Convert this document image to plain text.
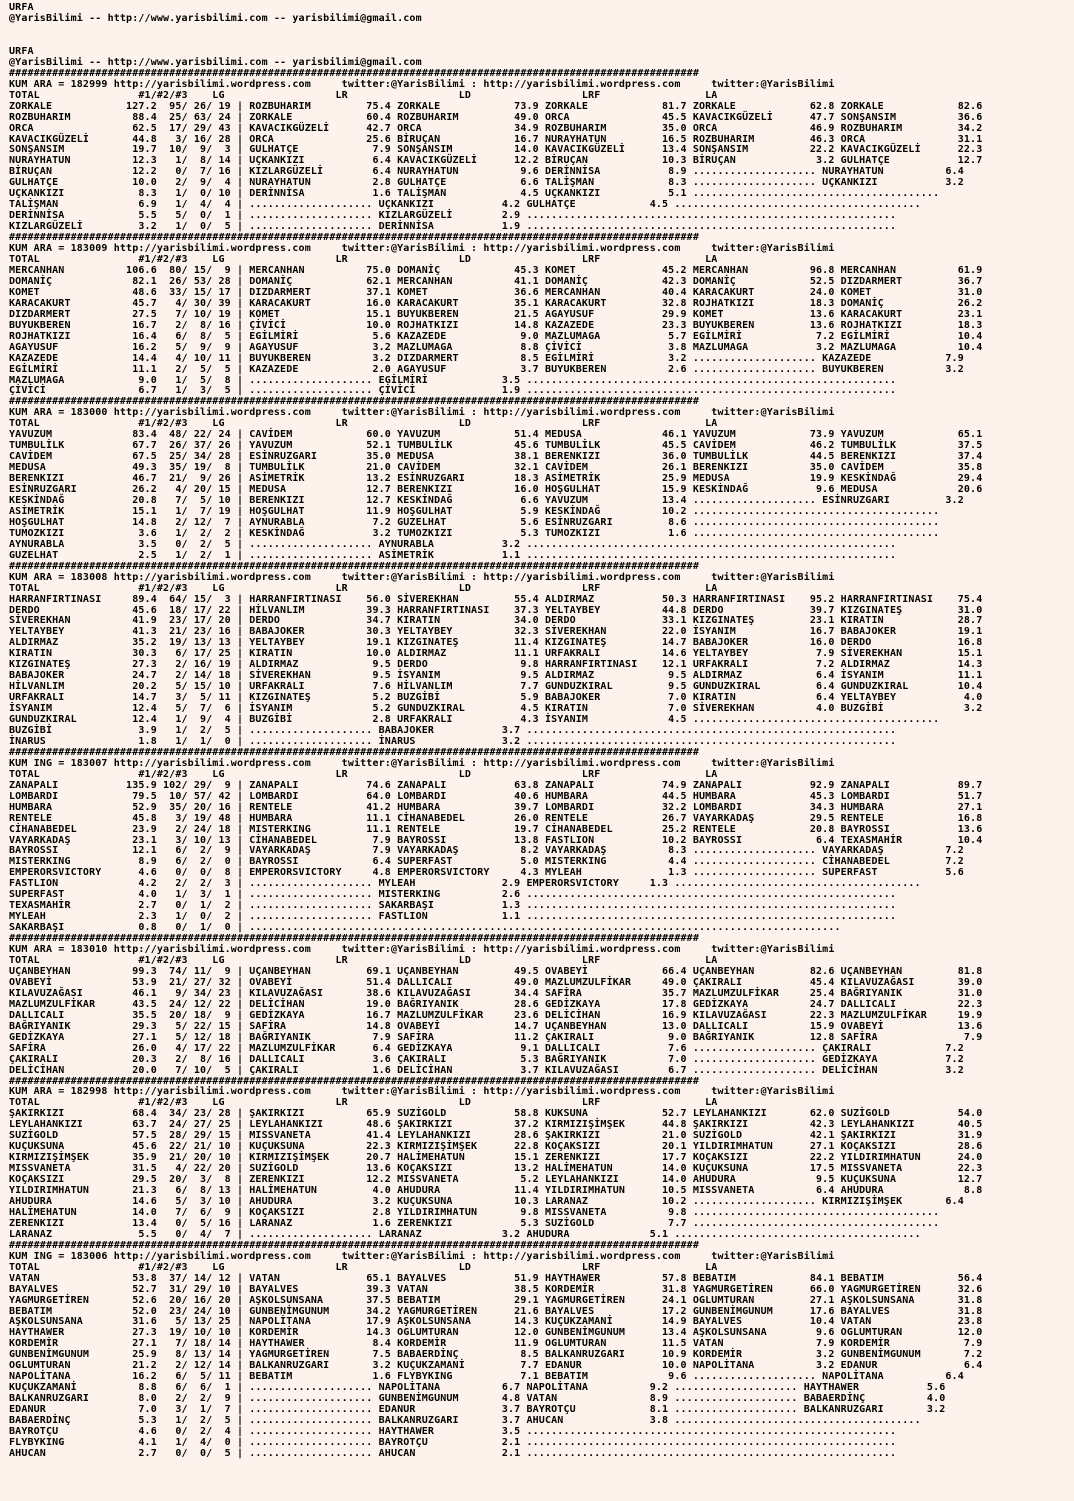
URFA
@YarisBilimi -- http://www.yarisbilimi.com -- yarisbilimi@gmail.com
URFA
@YarisBilimi -- http://www.yarisbilimi.com -- yarisbilimi@gmail.com
################################################################################################################
KUM ARA = 182999 http://yarisbilimi.wordpress.com     twitter:@YarisBilimi : http://yarisbilimi.wordpress.com     twitter:@YarisBilimi
TOTAL                #1/#2/#3    LG                  LR                  LD                  LRF                 LA
ZORKALE            127.2  95/ 26/ 19 | ROZBUHARIM         75.4 ZORKALE            73.9 ZORKALE            81.7 ZORKALE            62.8 ZORKALE            82.6
ROZBUHARIM          88.4  25/ 63/ 24 | ZORKALE            60.4 ROZBUHARIM         49.0 ORCA               45.5 KAVACIKGÜZELİ      47.7 SONŞANSIM          36.6
ORCA                62.5  17/ 29/ 43 | KAVACIKGÜZELİ      42.7 ORCA               34.9 ROZBUHARIM         35.0 ORCA               46.9 ROZBUHARIM         34.2
KAVACIKGÜZELİ       44.8   3/ 16/ 28 | ORCA               25.6 BİRUÇAN            16.7 NURAYHATUN         16.5 ROZBUHARIM         46.3 ORCA               31.1
SONŞANSIM           19.7  10/  9/  3 | GULHATÇE            7.9 SONŞANSIM          14.0 KAVACIKGÜZELİ      13.4 SONŞANSIM          22.2 KAVACIKGÜZELİ      22.3
NURAYHATUN          12.3   1/  8/ 14 | UÇKANKIZI           6.4 KAVACIKGÜZELİ      12.2 BİRUÇAN            10.3 BİRUÇAN             3.2 GULHATÇE           12.7
BİRUÇAN             12.2   0/  7/ 16 | KIZLARGÜZELİ        6.4 NURAYHATUN          9.6 DERİNNİSA           8.9 .................... NURAYHATUN          6.4
GULHATÇE            10.0   2/  9/  4 | NURAYHATUN          2.8 GULHATÇE            6.6 TALİŞMAN            8.3 .................... UÇKANKIZI           3.2
UÇKANKIZI            8.3   1/  0/ 10 | DERİNNİSA           1.6 TALİŞMAN            4.5 UÇKANKIZI           5.1 ........................................
TALİŞMAN             6.9   1/  4/  4 | .................... UÇKANKIZI           4.2 GULHATÇE            4.5 ........................................
DERİNNİSA            5.5   5/  0/  1 | .................... KIZLARGÜZELİ        2.9 ............................................................
KIZLARGÜZELİ         3.2   1/  0/  5 | .................... DERİNNİSA           1.9 ............................................................
################################################################################################################
KUM ARA = 183009 http://yarisbilimi.wordpress.com     twitter:@YarisBilimi : http://yarisbilimi.wordpress.com     twitter:@YarisBilimi
TOTAL                #1/#2/#3    LG                  LR                  LD                  LRF                 LA
MERCANHAN          106.6  80/ 15/  9 | MERCANHAN          75.0 DOMANİÇ            45.3 KOMET              45.2 MERCANHAN          96.8 MERCANHAN          61.9
DOMANİÇ             82.1  26/ 53/ 28 | DOMANİÇ            62.1 MERCANHAN          41.1 DOMANİÇ            42.3 DOMANİÇ            52.5 DIZDARMERT         36.7
KOMET               48.6  33/ 15/ 17 | DIZDARMERT         37.1 KOMET              36.6 MERCANHAN          40.4 KARACAKURT         24.0 KOMET              31.0
KARACAKURT          45.7   4/ 30/ 39 | KARACAKURT         16.0 KARACAKURT         35.1 KARACAKURT         32.8 ROJHATKIZI         18.3 DOMANİÇ            26.2
DIZDARMERT          27.5   7/ 10/ 19 | KOMET              15.1 BUYUKBEREN         21.5 AGAYUSUF           29.9 KOMET              13.6 KARACAKURT         23.1
BUYUKBEREN          16.7   2/  8/ 16 | ÇİVİCİ             10.0 ROJHATKIZI         14.8 KAZAZEDE           23.3 BUYUKBEREN         13.6 ROJHATKIZI         18.3
ROJHATKIZI          16.4   6/  8/  5 | EGİLMİRİ            5.6 KAZAZEDE            9.0 MAZLUMAGA           5.7 EGİLMİRİ            7.2 EGİLMİRİ           10.4
AGAYUSUF            16.2   5/  9/  9 | AGAYUSUF            3.2 MAZLUMAGA           8.8 ÇİVİCİ              3.8 MAZLUMAGA           3.2 MAZLUMAGA          10.4
KAZAZEDE            14.4   4/ 10/ 11 | BUYUKBEREN          3.2 DIZDARMERT          8.5 EGİLMİRİ            3.2 .................... KAZAZEDE            7.9
EGİLMİRİ            11.1   2/  5/  5 | KAZAZEDE            2.0 AGAYUSUF            3.7 BUYUKBEREN          2.6 .................... BUYUKBEREN          3.2
MAZLUMAGA            9.0   1/  5/  8 | .................... EGİLMİRİ            3.5 ............................................................
ÇİVİCİ               6.7   1/  3/  5 | .................... ÇİVİCİ              1.9 ............................................................
################################################################################################################
KUM ARA = 183000 http://yarisbilimi.wordpress.com     twitter:@YarisBilimi : http://yarisbilimi.wordpress.com     twitter:@YarisBilimi
TOTAL                #1/#2/#3    LG                  LR                  LD                  LRF                 LA
YAVUZUM             83.4  48/ 22/ 24 | CAVİDEM            60.0 YAVUZUM            51.4 MEDUSA             46.1 YAVUZUM            73.9 YAVUZUM            65.1
TUMBULİLK           67.7  26/ 37/ 26 | YAVUZUM            52.1 TUMBULİLK          45.6 TUMBULİLK          45.5 CAVİDEM            46.2 TUMBULİLK          37.5
CAVİDEM             67.5  25/ 34/ 28 | ESİNRUZGARI        35.0 MEDUSA             38.1 BERENKIZI          36.0 TUMBULİLK          44.5 BERENKIZI          37.4
MEDUSA              49.3  35/ 19/  8 | TUMBULİLK          21.0 CAVİDEM            32.1 CAVİDEM            26.1 BERENKIZI          35.0 CAVİDEM            35.8
BERENKIZI           46.7  21/  9/ 26 | ASİMETRİK          13.2 ESİNRUZGARI        18.3 ASİMETRİK          25.9 MEDUSA             19.9 KESKİNDAĞ          29.4
ESİNRUZGARI         26.2   4/ 20/ 15 | MEDUSA             12.7 BERENKIZI          16.0 HOŞGULHAT          15.9 KESKİNDAĞ           9.6 MEDUSA             20.6
KESKİNDAĞ           20.8   7/  5/ 10 | BERENKIZI          12.7 KESKİNDAĞ           6.6 YAVUZUM            13.4 .................... ESİNRUZGARI         3.2
ASİMETRİK           15.1   1/  7/ 19 | HOŞGULHAT          11.9 HOŞGULHAT           5.9 KESKİNDAĞ          10.2 ........................................
HOŞGULHAT           14.8   2/ 12/  7 | AYNURABLA           7.2 GUZELHAT            5.6 ESİNRUZGARI         8.6 ........................................
TUMOZKIZI            3.6   1/  2/  2 | KESKİNDAĞ           3.2 TUMOZKIZI           5.3 TUMOZKIZI           1.6 ........................................
AYNURABLA            3.5   0/  2/  5 | .................... AYNURABLA           3.2 ............................................................
GUZELHAT             2.5   1/  2/  1 | .................... ASİMETRİK           1.1 ............................................................
################################################################################################################
KUM ARA = 183008 http://yarisbilimi.wordpress.com     twitter:@YarisBilimi : http://yarisbilimi.wordpress.com     twitter:@YarisBilimi
TOTAL                #1/#2/#3    LG                  LR                  LD                  LRF                 LA
HARRANFIRTINASI     89.4  64/ 15/  3 | HARRANFIRTINASI    56.0 SİVEREKHAN         55.4 ALDIRMAZ           50.3 HARRANFIRTINASI    95.2 HARRANFIRTINASI    75.4
DERDO               45.6  18/ 17/ 22 | HİLVANLIM          39.3 HARRANFIRTINASI    37.3 YELTAYBEY          44.8 DERDO              39.7 KIZGINATEŞ         31.0
SİVEREKHAN          41.9  23/ 17/ 20 | DERDO              34.7 KIRATIN            34.0 DERDO              33.1 KIZGINATEŞ         23.1 KIRATIN            28.7
YELTAYBEY           41.3  21/ 23/ 16 | BABAJOKER          30.3 YELTAYBEY          32.3 SİVEREKHAN         22.0 İSYANIM            16.7 BABAJOKER          19.1
ALDIRMAZ            35.2  19/ 13/ 13 | YELTAYBEY          19.1 KIZGINATEŞ         11.4 KIZGINATEŞ         14.7 BABAJOKER          16.0 DERDO              16.8
KIRATIN             30.3   6/ 17/ 25 | KIRATIN            10.0 ALDIRMAZ           11.1 URFAKRALI          14.6 YELTAYBEY           7.9 SİVEREKHAN         15.1
KIZGINATEŞ          27.3   2/ 16/ 19 | ALDIRMAZ            9.5 DERDO               9.8 HARRANFIRTINASI    12.1 URFAKRALI           7.2 ALDIRMAZ           14.3
BABAJOKER           24.7   2/ 14/ 18 | SİVEREKHAN          9.5 İSYANIM             9.5 ALDIRMAZ            9.5 ALDIRMAZ            6.4 İSYANIM            11.1
HİLVANLIM           20.2   5/ 15/ 10 | URFAKRALI           7.6 HİLVANLIM           7.7 GUNDUZKIRAL         9.5 GUNDUZKIRAL         6.4 GUNDUZKIRAL        10.4
URFAKRALI           14.7   3/  5/ 11 | KIZGINATEŞ          5.2 BUZGİBİ             5.9 BABAJOKER           7.0 KIRATIN             6.4 YELTAYBEY           4.0
İSYANIM             12.4   5/  7/  6 | İSYANIM             5.2 GUNDUZKIRAL         4.5 KIRATIN             7.0 SİVEREKHAN          4.0 BUZGİBİ             3.2
GUNDUZKIRAL         12.4   1/  9/  4 | BUZGİBİ             2.8 URFAKRALI           4.3 İSYANIM             4.5 ........................................
BUZGİBİ              3.9   1/  2/  5 | .................... BABAJOKER           3.7 ............................................................
İNARUS               1.8   1/  1/  0 | .................... İNARUS              3.2 ............................................................
################################################################################################################
KUM ING = 183007 http://yarisbilimi.wordpress.com     twitter:@YarisBilimi : http://yarisbilimi.wordpress.com     twitter:@YarisBilimi
TOTAL                #1/#2/#3    LG                  LR                  LD                  LRF                 LA
ZANAPALI           135.9 102/ 29/  9 | ZANAPALI           74.6 ZANAPALI           63.8 ZANAPALI           74.9 ZANAPALI           92.9 ZANAPALI           89.7
LOMBARDI            79.5  10/ 57/ 42 | LOMBARDI           64.0 LOMBARDI           40.6 HUMBARA            44.5 HUMBARA            45.3 LOMBARDI           51.7
HUMBARA             52.9  35/ 20/ 16 | RENTELE            41.2 HUMBARA            39.7 LOMBARDI           32.2 LOMBARDI           34.3 HUMBARA            27.1
RENTELE             45.8   3/ 19/ 48 | HUMBARA            11.1 CİHANABEDEL        26.0 RENTELE            26.7 VAYARKADAŞ         29.5 RENTELE            16.8
CİHANABEDEL         23.9   2/ 24/ 18 | MISTERKING         11.1 RENTELE            19.7 CİHANABEDEL        25.2 RENTELE            20.8 BAYROSSI           13.6
VAYARKADAŞ          23.1   3/ 10/ 13 | CİHANABEDEL         7.9 BAYROSSI           13.8 FASTLION           10.2 BAYROSSI            6.4 TEXASMAHİR         10.4
BAYROSSI            12.1   6/  2/  9 | VAYARKADAŞ          7.9 VAYARKADAŞ          8.2 VAYARKADAŞ          8.3 .................... VAYARKADAŞ          7.2
MISTERKING           8.9   6/  2/  0 | BAYROSSI            6.4 SUPERFAST           5.0 MISTERKING          4.4 .................... CİHANABEDEL         7.2
EMPERORSVICTORY      4.6   0/  0/  8 | EMPERORSVICTORY     4.8 EMPERORSVICTORY     4.3 MYLEAH              1.3 .................... SUPERFAST           5.6
FASTLION             4.2   2/  2/  3 | .................... MYLEAH              2.9 EMPERORSVICTORY     1.3 ........................................
SUPERFAST            4.0   1/  3/  1 | .................... MISTERKING          2.6 ............................................................
TEXASMAHİR           2.7   0/  1/  2 | .................... SAKARBAŞI           1.3 ............................................................
MYLEAH               2.3   1/  0/  2 | .................... FASTLION            1.1 ............................................................
SAKARBAŞI            0.8   0/  1/  0 | ................................................................................................
################################################################################################################
KUM ARA = 183010 http://yarisbilimi.wordpress.com     twitter:@YarisBilimi : http://yarisbilimi.wordpress.com     twitter:@YarisBilimi
TOTAL                #1/#2/#3    LG                  LR                  LD                  LRF                 LA
UÇANBEYHAN          99.3  74/ 11/  9 | UÇANBEYHAN         69.1 UÇANBEYHAN         49.5 OVABEYİ            66.4 UÇANBEYHAN         82.6 UÇANBEYHAN         81.8
OVABEYİ             53.9  21/ 27/ 32 | OVABEYİ            51.4 DALLICALI          49.0 MAZLUMZULFİKAR     49.0 ÇAKIRALI           45.4 KILAVUZAĞASI       39.0
KILAVUZAĞASI        46.1   9/ 34/ 23 | KILAVUZAĞASI       38.6 KILAVUZAĞASI       34.4 SAFİRA             35.7 MAZLUMZULFİKAR     25.4 BAĞRIYANIK         31.0
MAZLUMZULFİKAR      43.5  24/ 12/ 22 | DELİCİHAN          19.0 BAĞRIYANIK         28.6 GEDİZKAYA          17.8 GEDİZKAYA          24.7 DALLICALI          22.3
DALLICALI           35.5  20/ 18/  9 | GEDİZKAYA          16.7 MAZLUMZULFİKAR     23.6 DELİCİHAN          16.9 KILAVUZAĞASI       22.3 MAZLUMZULFİKAR     19.9
BAĞRIYANIK          29.3   5/ 22/ 15 | SAFİRA             14.8 OVABEYİ            14.7 UÇANBEYHAN         13.0 DALLICALI          15.9 OVABEYİ            13.6
GEDİZKAYA           27.1   5/ 12/ 18 | BAĞRIYANIK          7.9 SAFİRA             11.2 ÇAKIRALI            9.0 BAĞRIYANIK         12.8 SAFİRA              7.9
SAFİRA              26.0   4/ 17/ 22 | MAZLUMZULFİKAR      6.4 GEDİZKAYA           9.1 DALLICALI           7.6 .................... ÇAKIRALI            7.2
ÇAKIRALI            20.3   2/  8/ 16 | DALLICALI           3.6 ÇAKIRALI            5.3 BAĞRIYANIK          7.0 .................... GEDİZKAYA           7.2
DELİCİHAN           20.0   7/ 10/  5 | ÇAKIRALI            1.6 DELİCİHAN           3.7 KILAVUZAĞASI        6.7 .................... DELİCİHAN           3.2
################################################################################################################
KUM ARA = 182998 http://yarisbilimi.wordpress.com     twitter:@YarisBilimi : http://yarisbilimi.wordpress.com     twitter:@YarisBilimi
TOTAL                #1/#2/#3    LG                  LR                  LD                  LRF                 LA
ŞAKIRKIZI           68.4  34/ 23/ 28 | ŞAKIRKIZI          65.9 SUZİGOLD           58.8 KUKSUNA            52.7 LEYLAHANKIZI       62.0 SUZİGOLD           54.0
LEYLAHANKIZI        63.7  24/ 27/ 25 | LEYLAHANKIZI       48.6 ŞAKIRKIZI          37.2 KIRMIZIŞİMŞEK      44.8 ŞAKIRKIZI          42.3 LEYLAHANKIZI       40.5
SUZİGOLD            57.5  28/ 29/ 15 | MISSVANETA         41.4 LEYLAHANKIZI       28.6 ŞAKIRKIZI          21.0 SUZİGOLD           42.1 ŞAKIRKIZI          31.9
KUÇUKSUNA           45.6  22/ 21/ 10 | KUÇUKSUNA          22.3 KIRMIZIŞİMŞEK      22.8 KOÇAKSIZI          20.1 YILDIRIMHATUN      27.1 KOÇAKSIZI          28.6
KIRMIZIŞİMŞEK       35.9  21/ 20/ 10 | KIRMIZIŞİMŞEK      20.7 HALİMEHATUN        15.1 ZERENKIZI          17.7 KOÇAKSIZI          22.2 YILDIRIMHATUN      24.0
MISSVANETA          31.5   4/ 22/ 20 | SUZİGOLD           13.6 KOÇAKSIZI          13.2 HALİMEHATUN        14.0 KUÇUKSUNA          17.5 MISSVANETA         22.3
KOÇAKSIZI           29.5  20/  3/  8 | ZERENKIZI          12.2 MISSVANETA          5.2 LEYLAHANKIZI       14.0 AHUDURA             9.5 KUÇUKSUNA          12.7
YILDIRIMHATUN       21.3   6/  8/ 13 | HALİMEHATUN         4.0 AHUDURA            11.4 YILDIRIMHATUN      10.5 MISSVANETA          6.4 AHUDURA             8.8
AHUDURA             14.6   5/  3/ 10 | AHUDURA             3.2 KUÇUKSUNA          10.3 LARANAZ            10.2 .................... KIRMIZIŞİMŞEK       6.4
HALİMEHATUN         14.0   7/  6/  9 | KOÇAKSIZI           2.8 YILDIRIMHATUN       9.8 MISSVANETA          9.8 ........................................
ZERENKIZI           13.4   0/  5/ 16 | LARANAZ             1.6 ZERENKIZI           5.3 SUZİGOLD            7.7 ........................................
LARANAZ              5.5   0/  4/  7 | .................... LARANAZ             3.2 AHUDURA             5.1 ........................................
################################################################################################################
KUM ING = 183006 http://yarisbilimi.wordpress.com     twitter:@YarisBilimi : http://yarisbilimi.wordpress.com     twitter:@YarisBilimi
TOTAL                #1/#2/#3    LG                  LR                  LD                  LRF                 LA
VATAN               53.8  37/ 14/ 12 | VATAN              65.1 BAYALVES           51.9 HAYTHAWER          57.8 BEBATIM            84.1 BEBATIM            56.4
BAYALVES            52.7  31/ 29/ 10 | BAYALVES           39.3 VATAN              38.5 KORDEMİR           31.8 YAGMURGETİREN      66.0 YAGMURGETİREN      32.6
YAGMURGETİREN       52.6  20/ 16/ 20 | AŞKOLSUNSANA       37.5 BEBATIM            29.1 YAGMURGETİREN      24.1 OGLUMTURAN         27.1 AŞKOLSUNSANA       31.8
BEBATIM             52.0  23/ 24/ 10 | GUNBENİMGUNUM      34.2 YAGMURGETİREN      21.6 BAYALVES           17.2 GUNBENİMGUNUM      17.6 BAYALVES           31.8
AŞKOLSUNSANA        31.6   5/ 13/ 25 | NAPOLİTANA         17.9 AŞKOLSUNSANA       14.3 KUÇUKZAMANİ        14.9 BAYALVES           10.4 VATAN              23.8
HAYTHAWER           27.3  19/ 10/ 10 | KORDEMİR           14.3 OGLUMTURAN         12.0 GUNBENİMGUNUM      13.4 AŞKOLSUNSANA        9.6 OGLUMTURAN         12.0
KORDEMİR            27.1   7/ 18/ 14 | HAYTHAWER           8.4 KORDEMİR           11.9 OGLUMTURAN         11.5 VATAN               7.9 KORDEMİR            7.9
GUNBENİMGUNUM       25.9   8/ 13/ 14 | YAGMURGETİREN       7.5 BABAERDİNÇ          8.5 BALKANRUZGARI      10.9 KORDEMİR            3.2 GUNBENİMGUNUM       7.2
OGLUMTURAN          21.2   2/ 12/ 14 | BALKANRUZGARI       3.2 KUÇUKZAMANİ         7.7 EDANUR             10.0 NAPOLİTANA          3.2 EDANUR              6.4
NAPOLİTANA          16.2   6/  5/ 11 | BEBATIM             1.6 FLYBYKING           7.1 BEBATIM             9.6 .................... NAPOLİTANA          6.4
KUÇUKZAMANİ          8.8   6/  6/  1 | .................... NAPOLİTANA          6.7 NAPOLİTANA          9.2 .................... HAYTHAWER           5.6
BALKANRUZGARI        8.0   2/  2/  9 | .................... GUNBENİMGUNUM       4.8 VATAN               8.9 .................... BABAERDİNÇ          4.0
EDANUR               7.0   3/  1/  7 | .................... EDANUR              3.7 BAYROTÇU            8.1 .................... BALKANRUZGARI       3.2
BABAERDİNÇ           5.3   1/  2/  5 | .................... BALKANRUZGARI       3.7 AHUCAN              3.8 ........................................
BAYROTÇU             4.6   0/  2/  4 | .................... HAYTHAWER           3.5 ............................................................
FLYBYKING            4.1   1/  4/  0 | .................... BAYROTÇU            2.1 ............................................................
AHUCAN               2.7   0/  0/  5 | .................... AHUCAN              2.1 ............................................................
